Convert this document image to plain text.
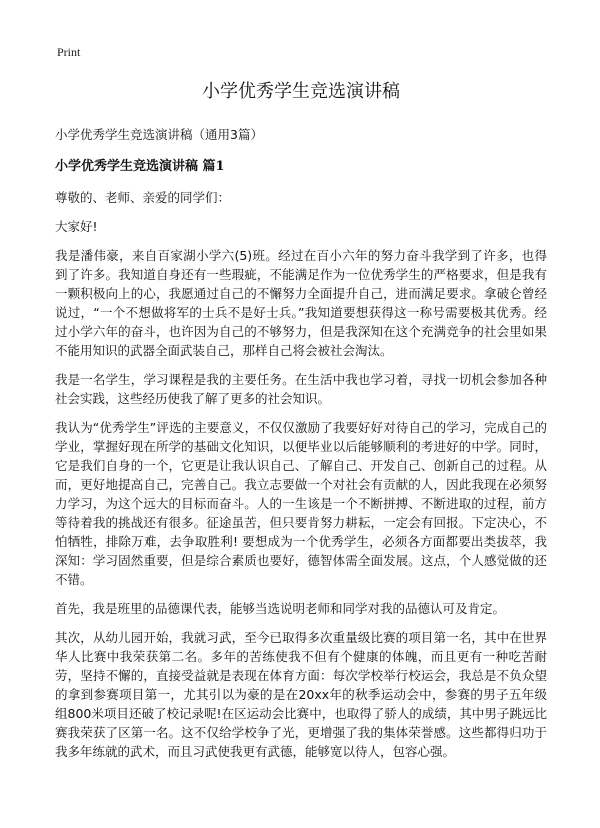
Print
小学优秀学生竞选演讲稿
小学优秀学生竞选演讲稿（通用3篇）
小学优秀学生竞选演讲稿 篇1

尊敬的、老师、亲爱的同学们：

大家好!

我是潘伟豪，来自百家湖小学六(5)班。经过在百小六年的努力奋斗我学到了许多，也得到了许多。我知道自身还有一些瑕疵，不能满足作为一位优秀学生的严格要求，但是我有一颗积极向上的心，我愿通过自己的不懈努力全面提升自己，进而满足要求。拿破仑曾经说过，“一个不想做将军的士兵不是好士兵。”我知道要想获得这一称号需要极其优秀。经过小学六年的奋斗，也许因为自己的不够努力，但是我深知在这个充满竞争的社会里如果不能用知识的武器全面武装自己，那样自己将会被社会淘汰。

我是一名学生，学习课程是我的主要任务。在生活中我也学习着，寻找一切机会参加各种社会实践，这些经历使我了解了更多的社会知识。

我认为“优秀学生”评选的主要意义，不仅仅激励了我要好好对待自己的学习，完成自己的学业，掌握好现在所学的基础文化知识，以便毕业以后能够顺利的考进好的中学。同时，它是我们自身的一个，它更是让我认识自己、了解自己、开发自己、创新自己的过程。从而，更好地提高自己，完善自己。我立志要做一个对社会有贡献的人，因此我现在必须努力学习，为这个远大的目标而奋斗。人的一生该是一个不断拼搏、不断进取的过程，前方等待着我的挑战还有很多。征途虽苦，但只要肯努力耕耘，一定会有回报。下定决心，不怕牺牲，排除万难，去争取胜利! 要想成为一个优秀学生，必须各方面都要出类拔萃，我深知：学习固然重要，但是综合素质也要好，德智体需全面发展。这点，个人感觉做的还不错。

首先，我是班里的品德课代表，能够当选说明老师和同学对我的品德认可及肯定。

其次，从幼儿园开始，我就习武，至今已取得多次重量级比赛的项目第一名，其中在世界华人比赛中我荣获第二名。多年的苦练使我不但有个健康的体魄，而且更有一种吃苦耐劳，坚持不懈的，直接受益就是表现在体育方面：每次学校举行校运会，我总是不负众望的拿到参赛项目第一，尤其引以为豪的是在20xx年的秋季运动会中，参赛的男子五年级组800米项目还破了校记录呢!在区运动会比赛中，也取得了骄人的成绩，其中男子跳远比赛我荣获了区第一名。这不仅给学校争了光，更增强了我的集体荣誉感。这些都得归功于我多年练就的武术，而且习武使我更有武德，能够宽以待人，包容心强。
